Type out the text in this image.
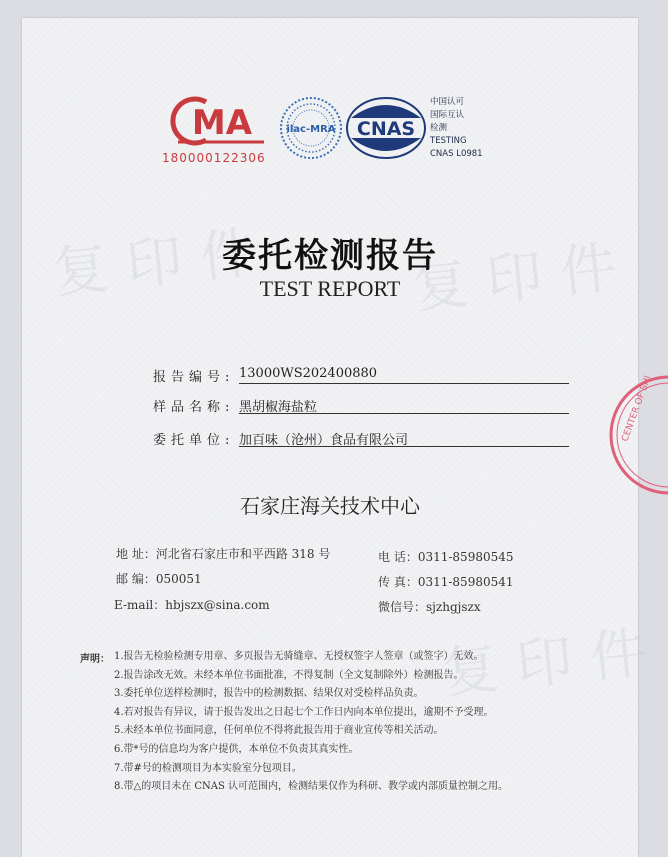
复印件 复印件
复印件
MA
180000122306
ilac-MRA CNAS
中国认可
国际互认
检测
TESTING
CNAS L0981
委托检测报告
TEST REPORT
报告编号: 13000WS202400880
样品名称: 黑胡椒海盐粒
委托单位: 加百味（沧州）食品有限公司
石家庄海关技术中心
地 址：河北省石家庄市和平西路 318 号
邮 编：050051
E-mail：hbjszx@sina.com
电 话：0311-85980545
传 真：0311-85980541
微信号：sjzhgjszx
声明： 1.报告无检验检测专用章、多页报告无骑缝章、无授权签字人签章（或签字）无效。
2.报告涂改无效。未经本单位书面批准，不得复制（全文复制除外）检测报告。
3.委托单位送样检测时，报告中的检测数据、结果仅对受检样品负责。
4.若对报告有异议，请于报告发出之日起七个工作日内向本单位提出，逾期不予受理。
5.未经本单位书面同意，任何单位不得将此报告用于商业宣传等相关活动。
6.带*号的信息均为客户提供，本单位不负责其真实性。
7.带#号的检测项目为本实验室分包项目。
8.带△的项目未在 CNAS 认可范围内，检测结果仅作为科研、教学或内部质量控制之用。
CENTER OF SHI
